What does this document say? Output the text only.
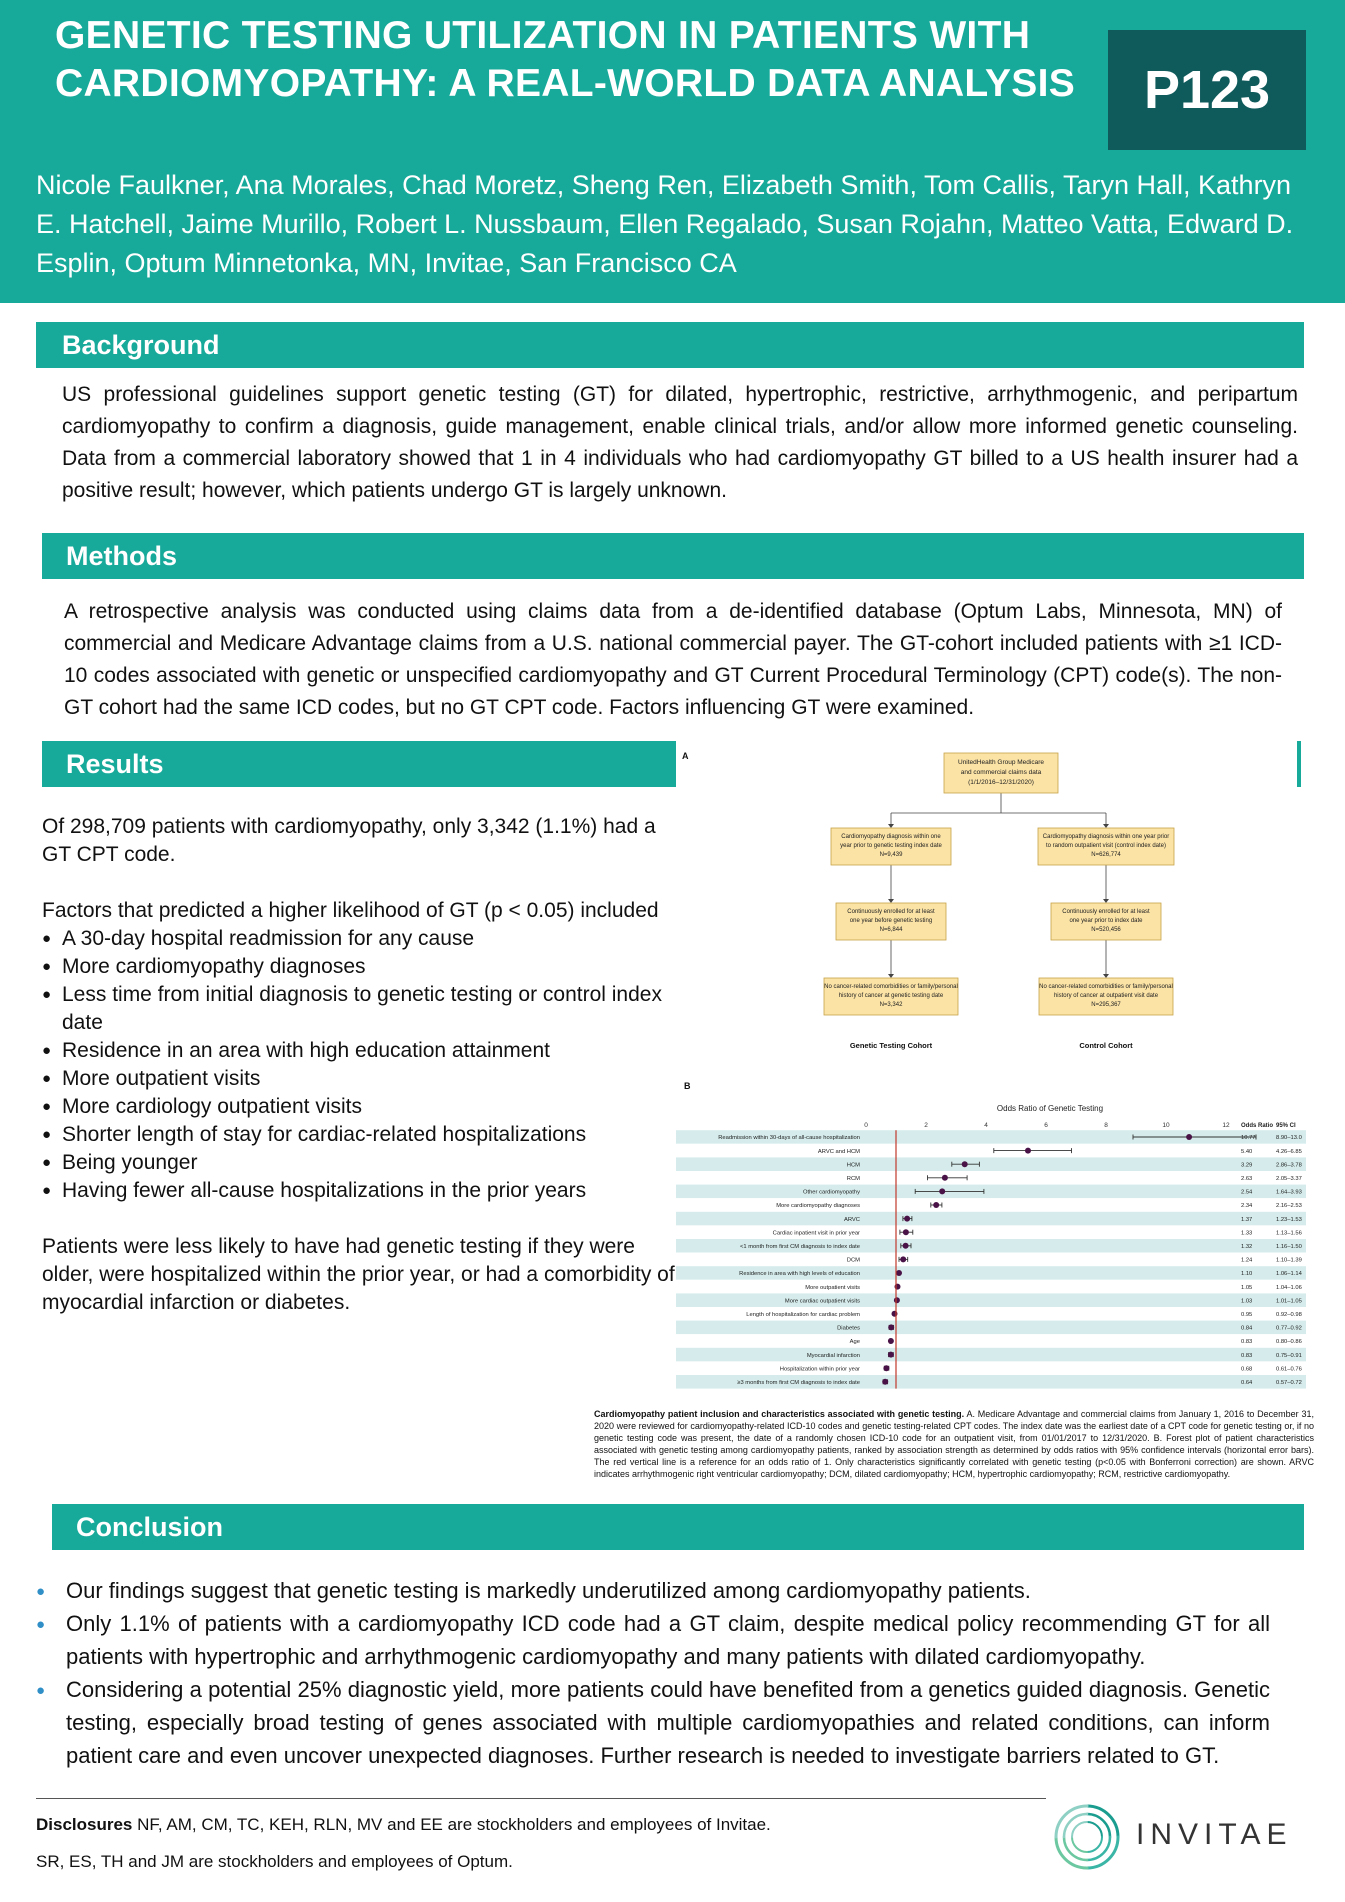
GENETIC TESTING UTILIZATION IN PATIENTS WITH CARDIOMYOPATHY: A REAL-WORLD DATA ANALYSIS	P123
Nicole Faulkner, Ana Morales, Chad Moretz, Sheng Ren, Elizabeth Smith, Tom Callis, Taryn Hall, Kathryn E. Hatchell, Jaime Murillo, Robert L. Nussbaum, Ellen Regalado, Susan Rojahn, Matteo Vatta, Edward D. Esplin, Optum Minnetonka, MN, Invitae, San Francisco CA
Background
US professional guidelines support genetic testing (GT) for dilated, hypertrophic, restrictive, arrhythmogenic, and peripartum cardiomyopathy to confirm a diagnosis, guide management, enable clinical trials, and/or allow more informed genetic counseling. Data from a commercial laboratory showed that 1 in 4 individuals who had cardiomyopathy GT billed to a US health insurer had a positive result; however, which patients undergo GT is largely unknown.
Methods
A retrospective analysis was conducted using claims data from a de-identified database (Optum Labs, Minnesota, MN) of commercial and Medicare Advantage claims from a U.S. national commercial payer. The GT-cohort included patients with ≥1 ICD-10 codes associated with genetic or unspecified cardiomyopathy and GT Current Procedural Terminology (CPT) code(s). The non-GT cohort had the same ICD codes, but no GT CPT code. Factors influencing GT were examined.
Results

Of 298,709 patients with cardiomyopathy, only 3,342 (1.1%) had a GT CPT code.

Factors that predicted a higher likelihood of GT (p < 0.05) included

● A 30-day hospital readmission for any cause
● More cardiomyopathy diagnoses
● Less time from initial diagnosis to genetic testing or control index date
● Residence in an area with high education attainment
● More outpatient visits
● More cardiology outpatient visits
● Shorter length of stay for cardiac-related hospitalizations
● Being younger
● Having fewer all-cause hospitalizations in the prior years

Patients were less likely to have had genetic testing if they were older, were hospitalized within the prior year, or had a comorbidity of myocardial infarction or diabetes.

A
UnitedHealth Group Medicare
and commercial claims data
(1/1/2016–12/31/2020)
Cardiomyopathy diagnosis within one
year prior to genetic testing index date
N=9,439
Continuously enrolled for at least
one year before genetic testing
N=6,844
No cancer-related comorbidities or family/personal
history of cancer at genetic testing date
N=3,342
Cardiomyopathy diagnosis within one year prior
to random outpatient visit (control index date)
N=626,774
Continuously enrolled for at least
one year prior to index date
N=520,456
No cancer-related comorbidities or family/personal
history of cancer at outpatient visit date
N=295,367
Genetic Testing Cohort	Control Cohort
B
Odds Ratio of Genetic Testing
Odds Ratio 95% CI
0	2	4	6	8	10	12
Readmission within 30-days of all-cause hospitalization	10.77	8.90–13.0
ARVC and HCM	5.40	4.26–6.85
HCM	3.29	2.86–3.78
RCM	2.63	2.05–3.37
Other cardiomyopathy	2.54	1.64–3.93
More cardiomyopathy diagnoses	2.34	2.16–2.53
ARVC	1.37	1.23–1.53
Cardiac inpatient visit in prior year	1.33	1.13–1.56
<1 month from first CM diagnosis to index date	1.32	1.16–1.50
DCM	1.24	1.10–1.39
Residence in area with high levels of education	1.10	1.06–1.14
More outpatient visits	1.05	1.04–1.06
More cardiac outpatient visits	1.03	1.01–1.05
Length of hospitalization for cardiac problem	0.95	0.92–0.98
Diabetes	0.84	0.77–0.92
Age	0.83	0.80–0.86
Myocardial infarction	0.83	0.75–0.91
Hospitalization within prior year	0.68	0.61–0.76
≥3 months from first CM diagnosis to index date	0.64	0.57–0.72
Cardiomyopathy patient inclusion and characteristics associated with genetic testing. A. Medicare Advantage and commercial claims from January 1, 2016 to December 31, 2020 were reviewed for cardiomyopathy-related ICD-10 codes and genetic testing-related CPT codes. The index date was the earliest date of a CPT code for genetic testing or, if no genetic testing code was present, the date of a randomly chosen ICD-10 code for an outpatient visit, from 01/01/2017 to 12/31/2020. B. Forest plot of patient characteristics associated with genetic testing among cardiomyopathy patients, ranked by association strength as determined by odds ratios with 95% confidence intervals (horizontal error bars). The red vertical line is a reference for an odds ratio of 1. Only characteristics significantly correlated with genetic testing (p<0.05 with Bonferroni correction) are shown. ARVC indicates arrhythmogenic right ventricular cardiomyopathy; DCM, dilated cardiomyopathy; HCM, hypertrophic cardiomyopathy; RCM, restrictive cardiomyopathy.
Conclusion
● Our findings suggest that genetic testing is markedly underutilized among cardiomyopathy patients.
● Only 1.1% of patients with a cardiomyopathy ICD code had a GT claim, despite medical policy recommending GT for all patients with hypertrophic and arrhythmogenic cardiomyopathy and many patients with dilated cardiomyopathy.
● Considering a potential 25% diagnostic yield, more patients could have benefited from a genetics guided diagnosis. Genetic testing, especially broad testing of genes associated with multiple cardiomyopathies and related conditions, can inform patient care and even uncover unexpected diagnoses. Further research is needed to investigate barriers related to GT.
Disclosures NF, AM, CM, TC, KEH, RLN, MV and EE are stockholders and employees of Invitae.
SR, ES, TH and JM are stockholders and employees of Optum.
INVITAE
